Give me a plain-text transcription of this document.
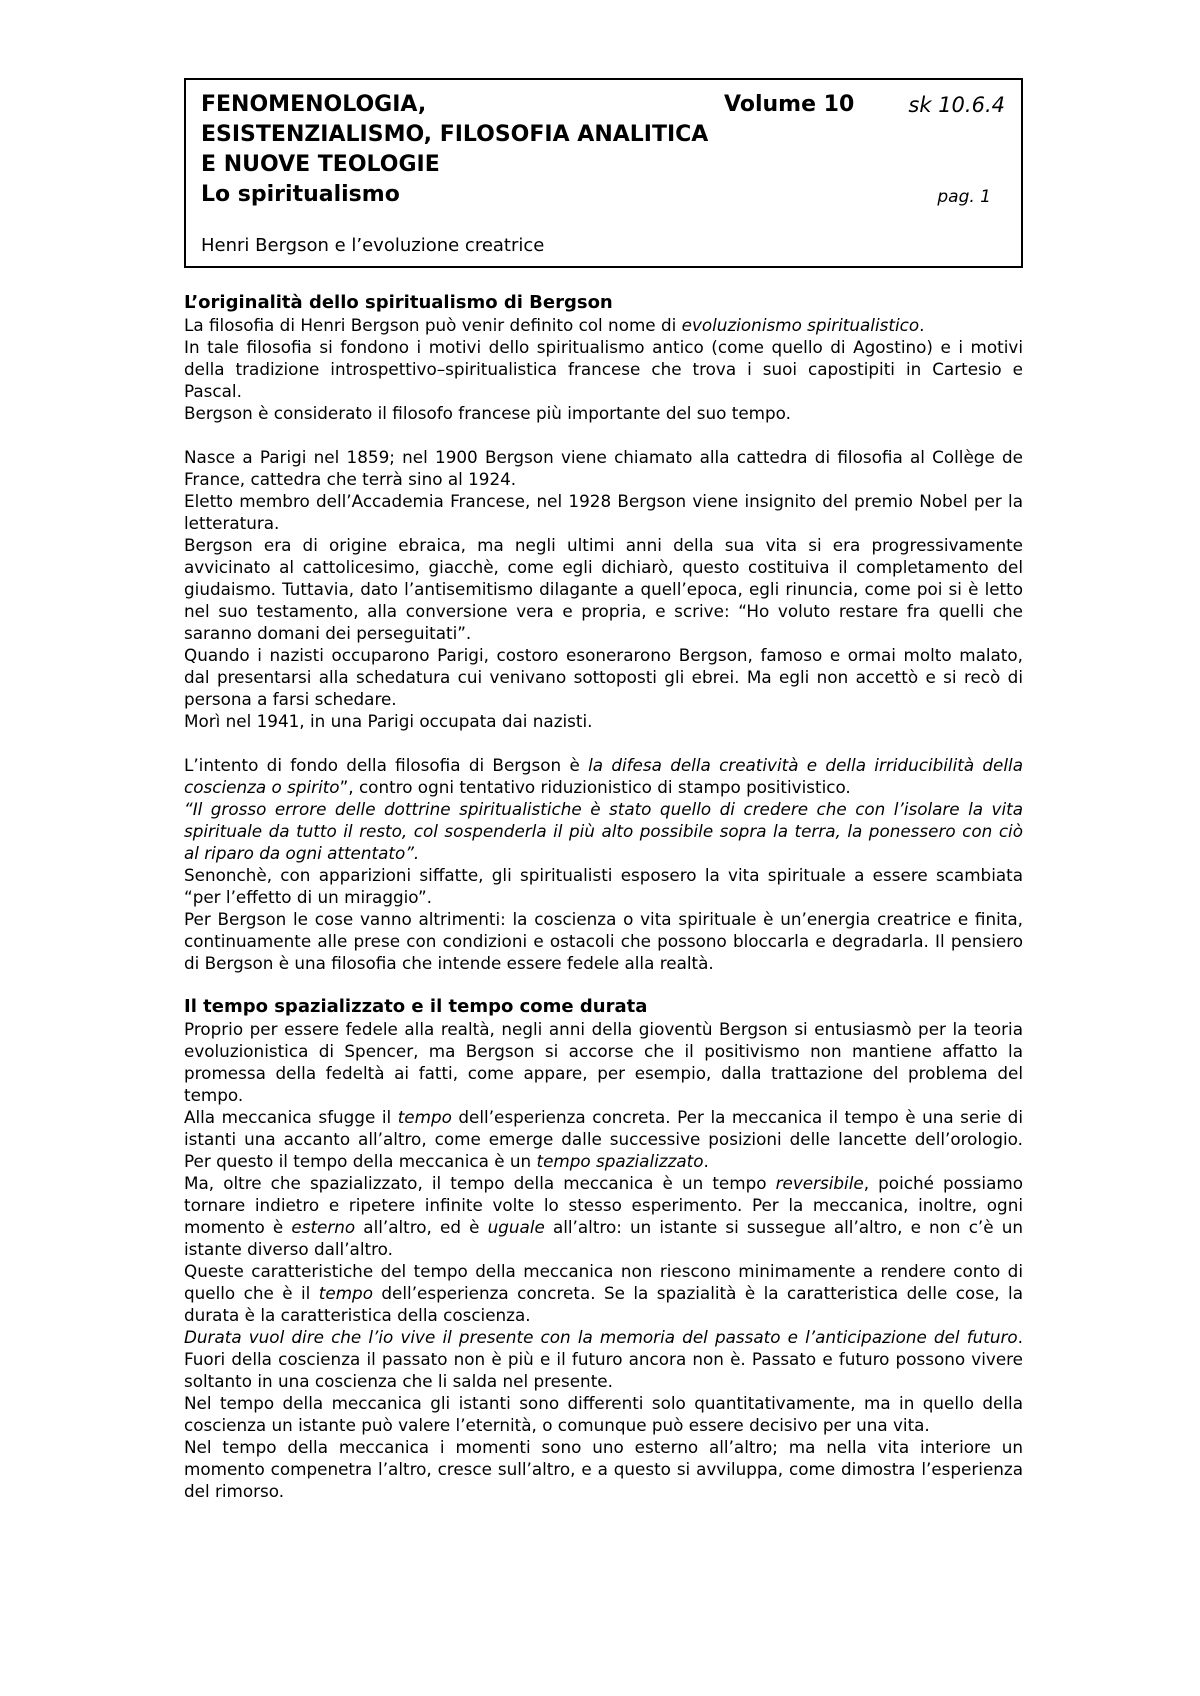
FENOMENOLOGIA,	Volume 10	sk 10.6.4
ESISTENZIALISMO, FILOSOFIA ANALITICA
E NUOVE TEOLOGIE
Lo spiritualismo	pag. 1
Henri Bergson e l’evoluzione creatrice

L’originalità dello spiritualismo di Bergson

La filosofia di Henri Bergson può venir definito col nome di evoluzionismo spiritualistico.

In tale filosofia si fondono i motivi dello spiritualismo antico (come quello di Agostino) e i motivi della tradizione introspettivo–spiritualistica francese che trova i suoi capostipiti in Cartesio e Pascal.

Bergson è considerato il filosofo francese più importante del suo tempo.

Nasce a Parigi nel 1859; nel 1900 Bergson viene chiamato alla cattedra di filosofia al Collège de France, cattedra che terrà sino al 1924.

Eletto membro dell’Accademia Francese, nel 1928 Bergson viene insignito del premio Nobel per la letteratura.

Bergson era di origine ebraica, ma negli ultimi anni della sua vita si era progressivamente avvicinato al cattolicesimo, giacchè, come egli dichiarò, questo costituiva il completamento del giudaismo. Tuttavia, dato l’antisemitismo dilagante a quell’epoca, egli rinuncia, come poi si è letto nel suo testamento, alla conversione vera e propria, e scrive: “Ho voluto restare fra quelli che saranno domani dei perseguitati”.

Quando i nazisti occuparono Parigi, costoro esonerarono Bergson, famoso e ormai molto malato, dal presentarsi alla schedatura cui venivano sottoposti gli ebrei. Ma egli non accettò e si recò di persona a farsi schedare.

Morì nel 1941, in una Parigi occupata dai nazisti.

L’intento di fondo della filosofia di Bergson è la difesa della creatività e della irriducibilità della coscienza o spirito”, contro ogni tentativo riduzionistico di stampo positivistico.

“Il grosso errore delle dottrine spiritualistiche è stato quello di credere che con l’isolare la vita spirituale da tutto il resto, col sospenderla il più alto possibile sopra la terra, la ponessero con ciò al riparo da ogni attentato”.

Senonchè, con apparizioni siffatte, gli spiritualisti esposero la vita spirituale a essere scambiata “per l’effetto di un miraggio”.

Per Bergson le cose vanno altrimenti: la coscienza o vita spirituale è un’energia creatrice e finita, continuamente alle prese con condizioni e ostacoli che possono bloccarla e degradarla. Il pensiero di Bergson è una filosofia che intende essere fedele alla realtà.

Il tempo spazializzato e il tempo come durata

Proprio per essere fedele alla realtà, negli anni della gioventù Bergson si entusiasmò per la teoria evoluzionistica di Spencer, ma Bergson si accorse che il positivismo non mantiene affatto la promessa della fedeltà ai fatti, come appare, per esempio, dalla trattazione del problema del tempo.

Alla meccanica sfugge il tempo dell’esperienza concreta. Per la meccanica il tempo è una serie di istanti una accanto all’altro, come emerge dalle successive posizioni delle lancette dell’orologio. Per questo il tempo della meccanica è un tempo spazializzato.

Ma, oltre che spazializzato, il tempo della meccanica è un tempo reversibile, poiché possiamo tornare indietro e ripetere infinite volte lo stesso esperimento. Per la meccanica, inoltre, ogni momento è esterno all’altro, ed è uguale all’altro: un istante si sussegue all’altro, e non c’è un istante diverso dall’altro.

Queste caratteristiche del tempo della meccanica non riescono minimamente a rendere conto di quello che è il tempo dell’esperienza concreta. Se la spazialità è la caratteristica delle cose, la durata è la caratteristica della coscienza.

Durata vuol dire che l’io vive il presente con la memoria del passato e l’anticipazione del futuro. Fuori della coscienza il passato non è più e il futuro ancora non è. Passato e futuro possono vivere soltanto in una coscienza che li salda nel presente.

Nel tempo della meccanica gli istanti sono differenti solo quantitativamente, ma in quello della coscienza un istante può valere l’eternità, o comunque può essere decisivo per una vita.

Nel tempo della meccanica i momenti sono uno esterno all’altro; ma nella vita interiore un momento compenetra l’altro, cresce sull’altro, e a questo si avviluppa, come dimostra l’esperienza del rimorso.
